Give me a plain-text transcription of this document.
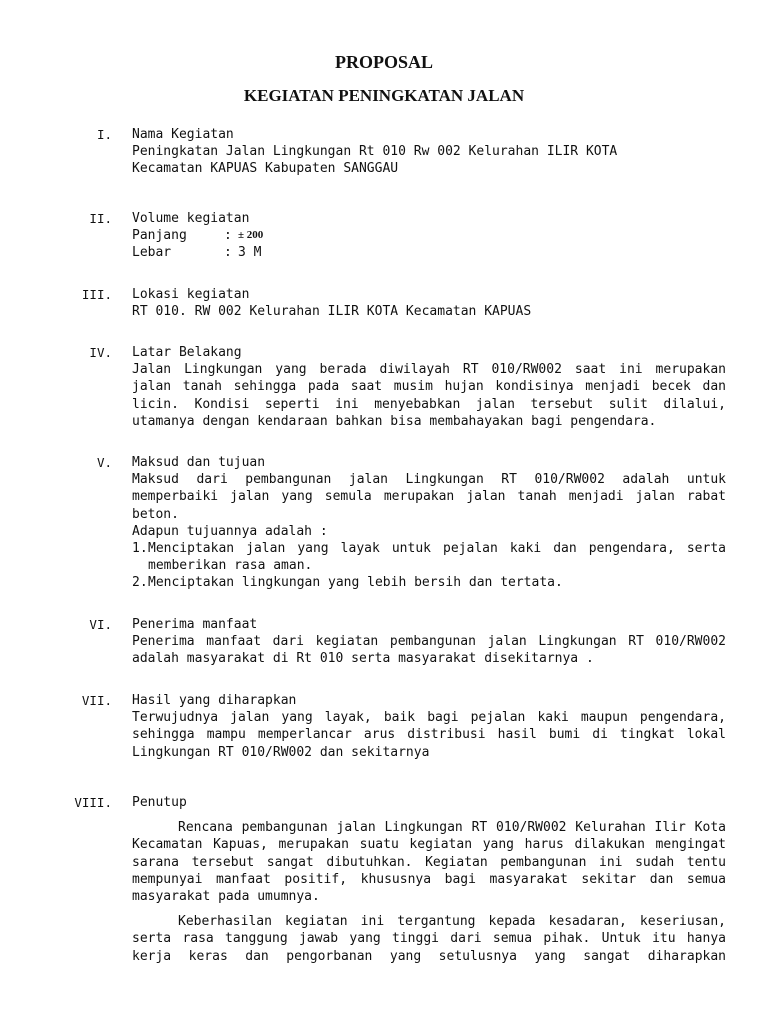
PROPOSAL
KEGIATAN PENINGKATAN JALAN
I. Nama Kegiatan

Peningkatan Jalan Lingkungan Rt 010 Rw 002 Kelurahan ILIR KOTA

Kecamatan KAPUAS Kabupaten SANGGAU

II. Volume kegiatan

Panjang	: ± 200
Lebar	: 3 M
III. Lokasi kegiatan

RT 010. RW 002 Kelurahan ILIR KOTA Kecamatan KAPUAS

IV. Latar Belakang

Jalan Lingkungan yang berada diwilayah RT 010/RW002 saat ini merupakan jalan tanah sehingga pada saat musim hujan kondisinya menjadi becek dan licin. Kondisi seperti ini menyebabkan jalan tersebut sulit dilalui, utamanya dengan kendaraan bahkan bisa membahayakan bagi pengendara.

V. Maksud dan tujuan

Maksud dari pembangunan jalan Lingkungan RT 010/RW002 adalah untuk memperbaiki jalan yang semula merupakan jalan tanah menjadi jalan rabat beton.

Adapun tujuannya adalah :

1. Menciptakan jalan yang layak untuk pejalan kaki dan pengendara, serta memberikan rasa aman.
2. Menciptakan lingkungan yang lebih bersih dan tertata.
VI. Penerima manfaat

Penerima manfaat dari kegiatan pembangunan jalan Lingkungan RT 010/RW002 adalah masyarakat di Rt 010 serta masyarakat disekitarnya .

VII. Hasil yang diharapkan

Terwujudnya jalan yang layak, baik bagi pejalan kaki maupun pengendara, sehingga mampu memperlancar arus distribusi hasil bumi di tingkat lokal Lingkungan RT 010/RW002 dan sekitarnya

VIII. Penutup

Rencana pembangunan jalan Lingkungan RT 010/RW002 Kelurahan Ilir Kota Kecamatan Kapuas, merupakan suatu kegiatan yang harus dilakukan mengingat sarana tersebut sangat dibutuhkan. Kegiatan pembangunan ini sudah tentu mempunyai manfaat positif, khususnya bagi masyarakat sekitar dan semua masyarakat pada umumnya.

Keberhasilan kegiatan ini tergantung kepada kesadaran, keseriusan, serta rasa tanggung jawab yang tinggi dari semua pihak. Untuk itu hanya kerja keras dan pengorbanan yang setulusnya yang sangat diharapkan
